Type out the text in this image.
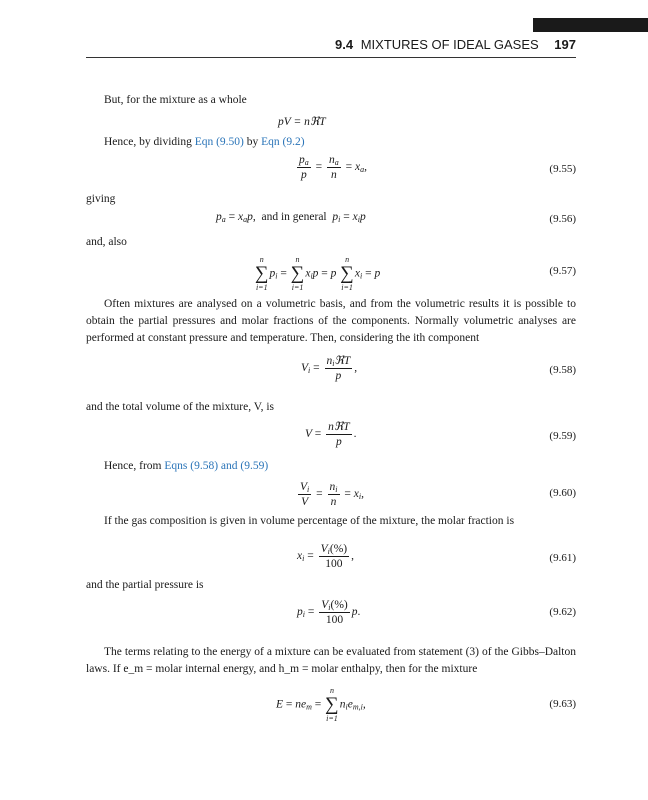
9.4 MIXTURES OF IDEAL GASES 197
But, for the mixture as a whole
pV = nℜT
Hence, by dividing Eqn (9.50) by Eqn (9.2)
$\frac{p_a}{p} = \frac{n_a}{n} = x_a$,	(9.55)
giving
$p_a = x_ap$, and in general  $p_i = x_ip$	(9.56)
and, also
n
∑
i=1
$p_i$ =
n
∑
i=1
$x_ip = p$
n
∑
i=1
$x_i = p$	(9.57)
Often mixtures are analysed on a volumetric basis, and from the volumetric results it is possible to obtain the partial pressures and molar fractions of the components. Normally volumetric analyses are performed at constant pressure and temperature. Then, considering the ith component
$V_i = \frac{n_iℜT}{p}$ ,	(9.58)
and the total volume of the mixture, V, is
$V = \frac{\text{nℜT}}{p}$ .	(9.59)
Hence, from Eqns (9.58) and (9.59)
$\frac{V_i}{V} = \frac{n_i}{n} = x_i$,	(9.60)
If the gas composition is given in volume percentage of the mixture, the molar fraction is
$x_i = \frac{V_i(\%)}{100}$ ,	(9.61)
and the partial pressure is
$p_i = \frac{V_i(\%)}{100} p$.	(9.62)
The terms relating to the energy of a mixture can be evaluated from statement (3) of the Gibbs–Dalton laws. If e_m = molar internal energy, and h_m = molar enthalpy, then for the mixture
$E = ne_m$ =
n
∑
i=1
$n_ie_{m,i}$,	(9.63)
